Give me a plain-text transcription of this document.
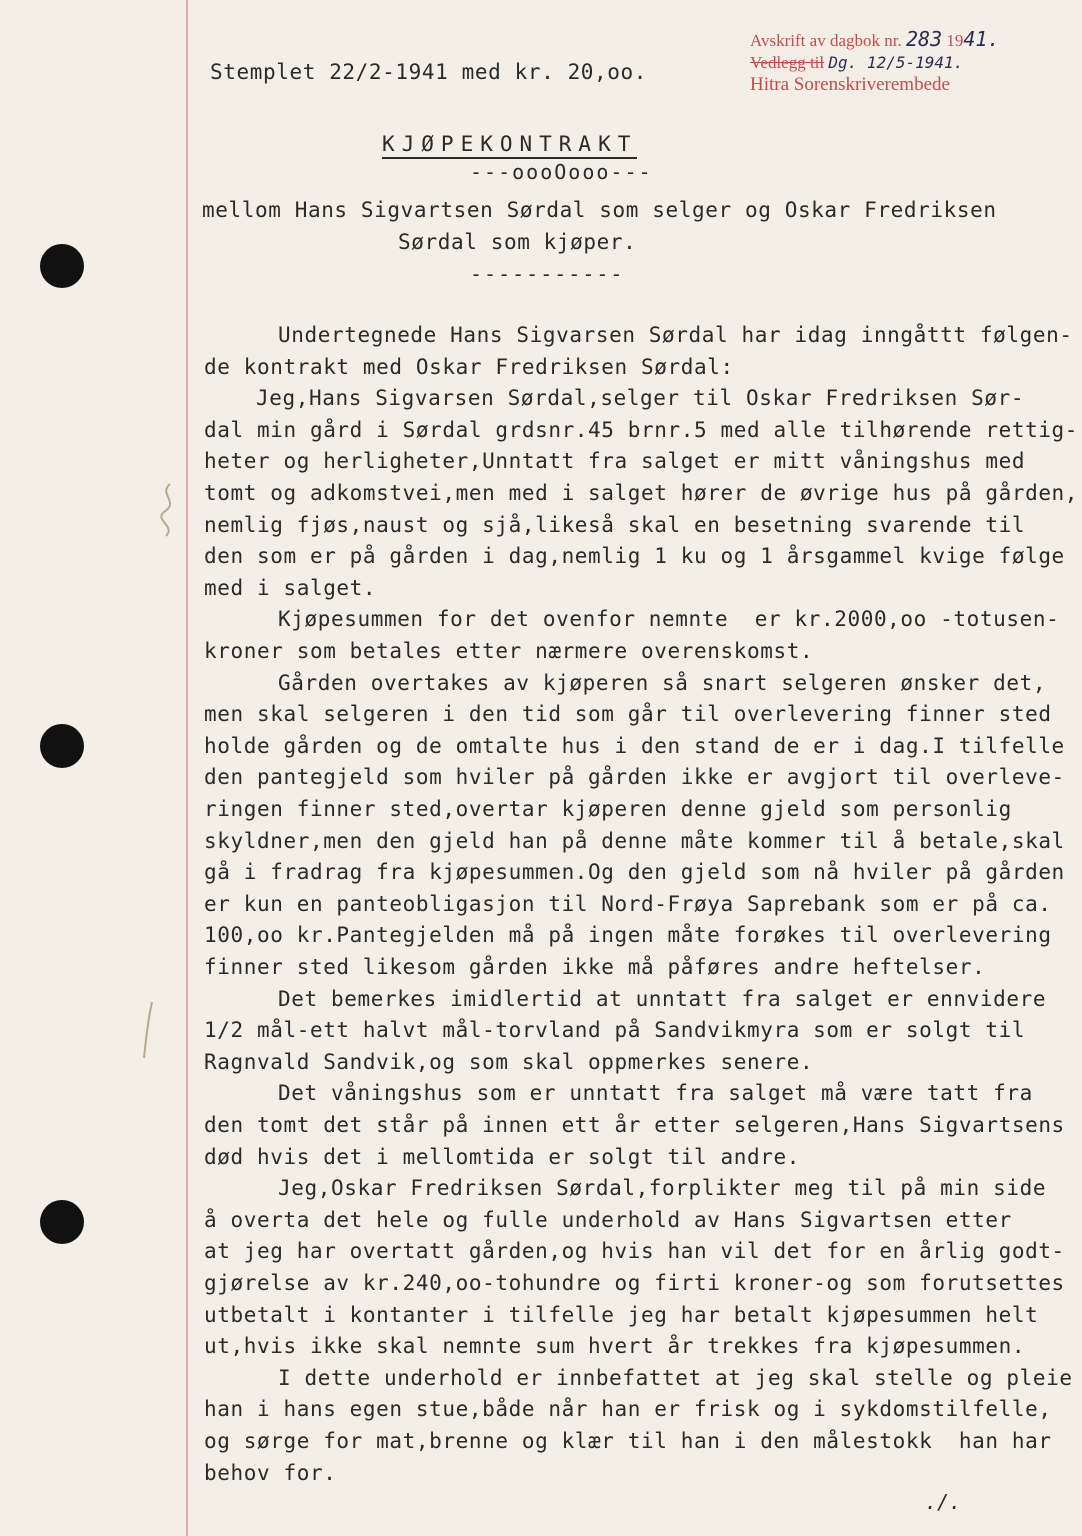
Avskrift av dagbok nr. 283 1941.
Vedlegg til Dg. 12/5-1941.
Hitra Sorenskriverembede
Stemplet 22/2-1941 med kr. 20,oo.
KJØPEKONTRAKT
---oooOooo---
mellom Hans Sigvartsen Sørdal som selger og Oskar Fredriksen
Sørdal som kjøper.
-----------
Undertegnede Hans Sigvarsen Sørdal har idag inngåttt følgen-
de kontrakt med Oskar Fredriksen Sørdal:
Jeg,Hans Sigvarsen Sørdal,selger til Oskar Fredriksen Sør-
dal min gård i Sørdal grdsnr.45 brnr.5 med alle tilhørende rettig-
heter og herligheter,Unntatt fra salget er mitt våningshus med
tomt og adkomstvei,men med i salget hører de øvrige hus på gården,
nemlig fjøs,naust og sjå,likeså skal en besetning svarende til
den som er på gården i dag,nemlig 1 ku og 1 årsgammel kvige følge
med i salget.
Kjøpesummen for det ovenfor nemnte  er kr.2000,oo -totusen-
kroner som betales etter nærmere overenskomst.
Gården overtakes av kjøperen så snart selgeren ønsker det,
men skal selgeren i den tid som går til overlevering finner sted
holde gården og de omtalte hus i den stand de er i dag.I tilfelle
den pantegjeld som hviler på gården ikke er avgjort til overleve-
ringen finner sted,overtar kjøperen denne gjeld som personlig
skyldner,men den gjeld han på denne måte kommer til å betale,skal
gå i fradrag fra kjøpesummen.Og den gjeld som nå hviler på gården
er kun en panteobligasjon til Nord-Frøya Saprebank som er på ca.
100,oo kr.Pantegjelden må på ingen måte forøkes til overlevering
finner sted likesom gården ikke må påføres andre heftelser.
Det bemerkes imidlertid at unntatt fra salget er ennvidere
1/2 mål-ett halvt mål-torvland på Sandvikmyra som er solgt til
Ragnvald Sandvik,og som skal oppmerkes senere.
Det våningshus som er unntatt fra salget må være tatt fra
den tomt det står på innen ett år etter selgeren,Hans Sigvartsens
død hvis det i mellomtida er solgt til andre.
Jeg,Oskar Fredriksen Sørdal,forplikter meg til på min side
å overta det hele og fulle underhold av Hans Sigvartsen etter
at jeg har overtatt gården,og hvis han vil det for en årlig godt-
gjørelse av kr.240,oo-tohundre og firti kroner-og som forutsettes
utbetalt i kontanter i tilfelle jeg har betalt kjøpesummen helt
ut,hvis ikke skal nemnte sum hvert år trekkes fra kjøpesummen.
I dette underhold er innbefattet at jeg skal stelle og pleie
han i hans egen stue,både når han er frisk og i sykdomstilfelle,
og sørge for mat,brenne og klær til han i den målestokk  han har
behov for.
./.
